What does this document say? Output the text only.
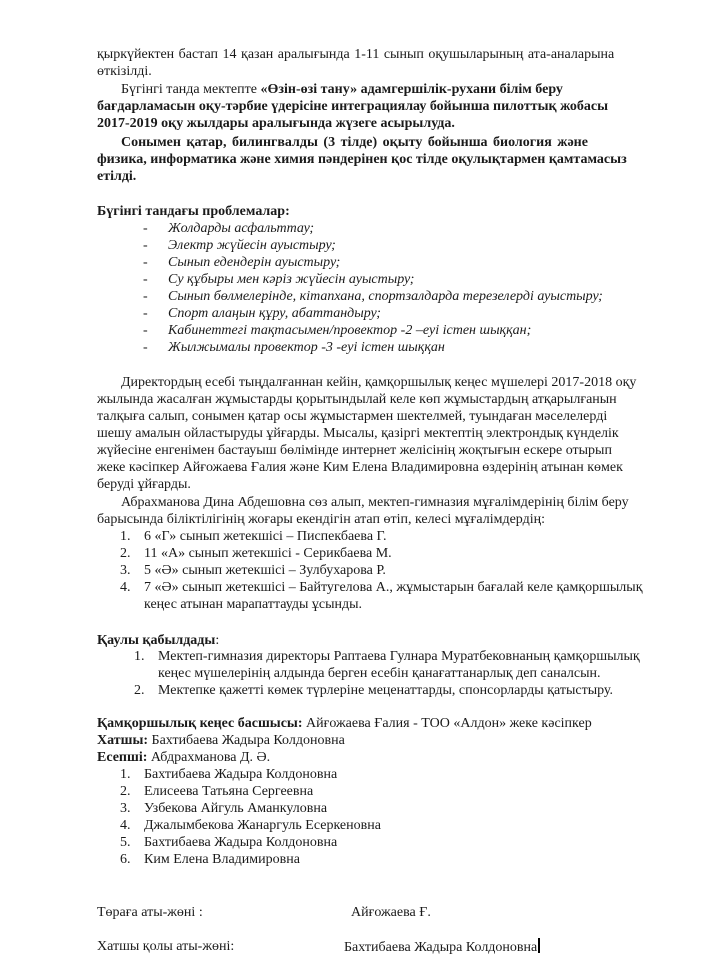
қыркүйектен бастап 14 қазан аралығында 1-11 сынып оқушыларының ата-аналарына
өткізілді.
Бүгінгі танда мектепте «Өзін-өзі тану» адамгершілік-рухани білім беру
бағдарламасын оқу-тәрбие үдерісіне интеграциялау бойынша пилоттық жобасы
2017-2019 оқу жылдары аралығында жүзеге асырылуда.
Сонымен қатар, билингвалды (3 тілде) оқыту бойынша биология және
физика, информатика және химия пәндерінен қос тілде оқулықтармен қамтамасыз
етілді.
Бүгінгі тандағы проблемалар:
- Жолдарды асфальттау;
- Электр жүйесін ауыстыру;
- Сынып едендерін ауыстыру;
- Су құбыры мен кәріз жүйесін ауыстыру;
- Сынып бөлмелерінде, кітапхана, спортзалдарда терезелерді ауыстыру;
- Спорт алаңын құру, абаттандыру;
- Кабинеттегі тақтасымен/провектор -2 –еуі істен шыққан;
- Жылжымалы провектор -3 -еуі істен шыққан
Директордың есебі тыңдалғаннан кейін, қамқоршылық кеңес мүшелері 2017-2018 оқу
жылында жасалған жұмыстарды қорытындылай келе көп жұмыстардың атқарылғанын
талқыға салып, сонымен қатар осы жұмыстармен шектелмей, туындаған мәселелерді
шешу амалын ойластыруды ұйғарды. Мысалы, қазіргі мектептің электрондық күнделік
жүйесіне енгенімен бастауыш бөлімінде интернет желісінің жоқтығын ескере отырып
жеке кәсіпкер Айғожаева Ғалия және Ким Елена Владимировна өздерінің атынан көмек
беруді ұйғарды.
Абрахманова Дина Абдешовна сөз алып, мектеп-гимназия мұғалімдерінің білім беру
барысында біліктілігінің жоғары екендігін атап өтіп, келесі мұғалімдердің:
1. 6 «Г» сынып жетекшісі – Пиcпекбаева Г.
2. 11 «А» сынып жетекшісі - Серикбаева М.
3. 5 «Ә» сынып жетекшісі – Зулбухарова Р.
4. 7 «Ә» сынып жетекшісі – Байтугелова А., жұмыстарын бағалай келе қамқоршылық
кеңес атынан марапаттауды ұсынды.
Қаулы қабылдады:
1. Мектеп-гимназия директоры Раптаева Гулнара Муратбековнаның қамқоршылық
кеңес мүшелерінің алдында берген есебін қанағаттанарлық деп саналсын.
2. Мектепке қажетті көмек түрлеріне меценаттарды, спонсорларды қатыстыру.
Қамқоршылық кеңес басшысы: Айғожаева Ғалия - ТОО «Алдон» жеке кәсіпкер
Хатшы: Бахтибаева Жадыра Колдоновна
Есепші: Абдрахманова Д. Ә.
1. Бахтибаева Жадыра Колдоновна
2. Елисеева Татьяна Сергеевна
3. Узбекова Айгуль Аманкуловна
4. Джалымбекова Жанаргуль Есеркеновна
5. Бахтибаева Жадыра Колдоновна
6. Ким Елена Владимировна
Төраға аты-жөні :	Айғожаева Ғ.
Хатшы қолы аты-жөні:	Бахтибаева Жадыра Колдоновна
